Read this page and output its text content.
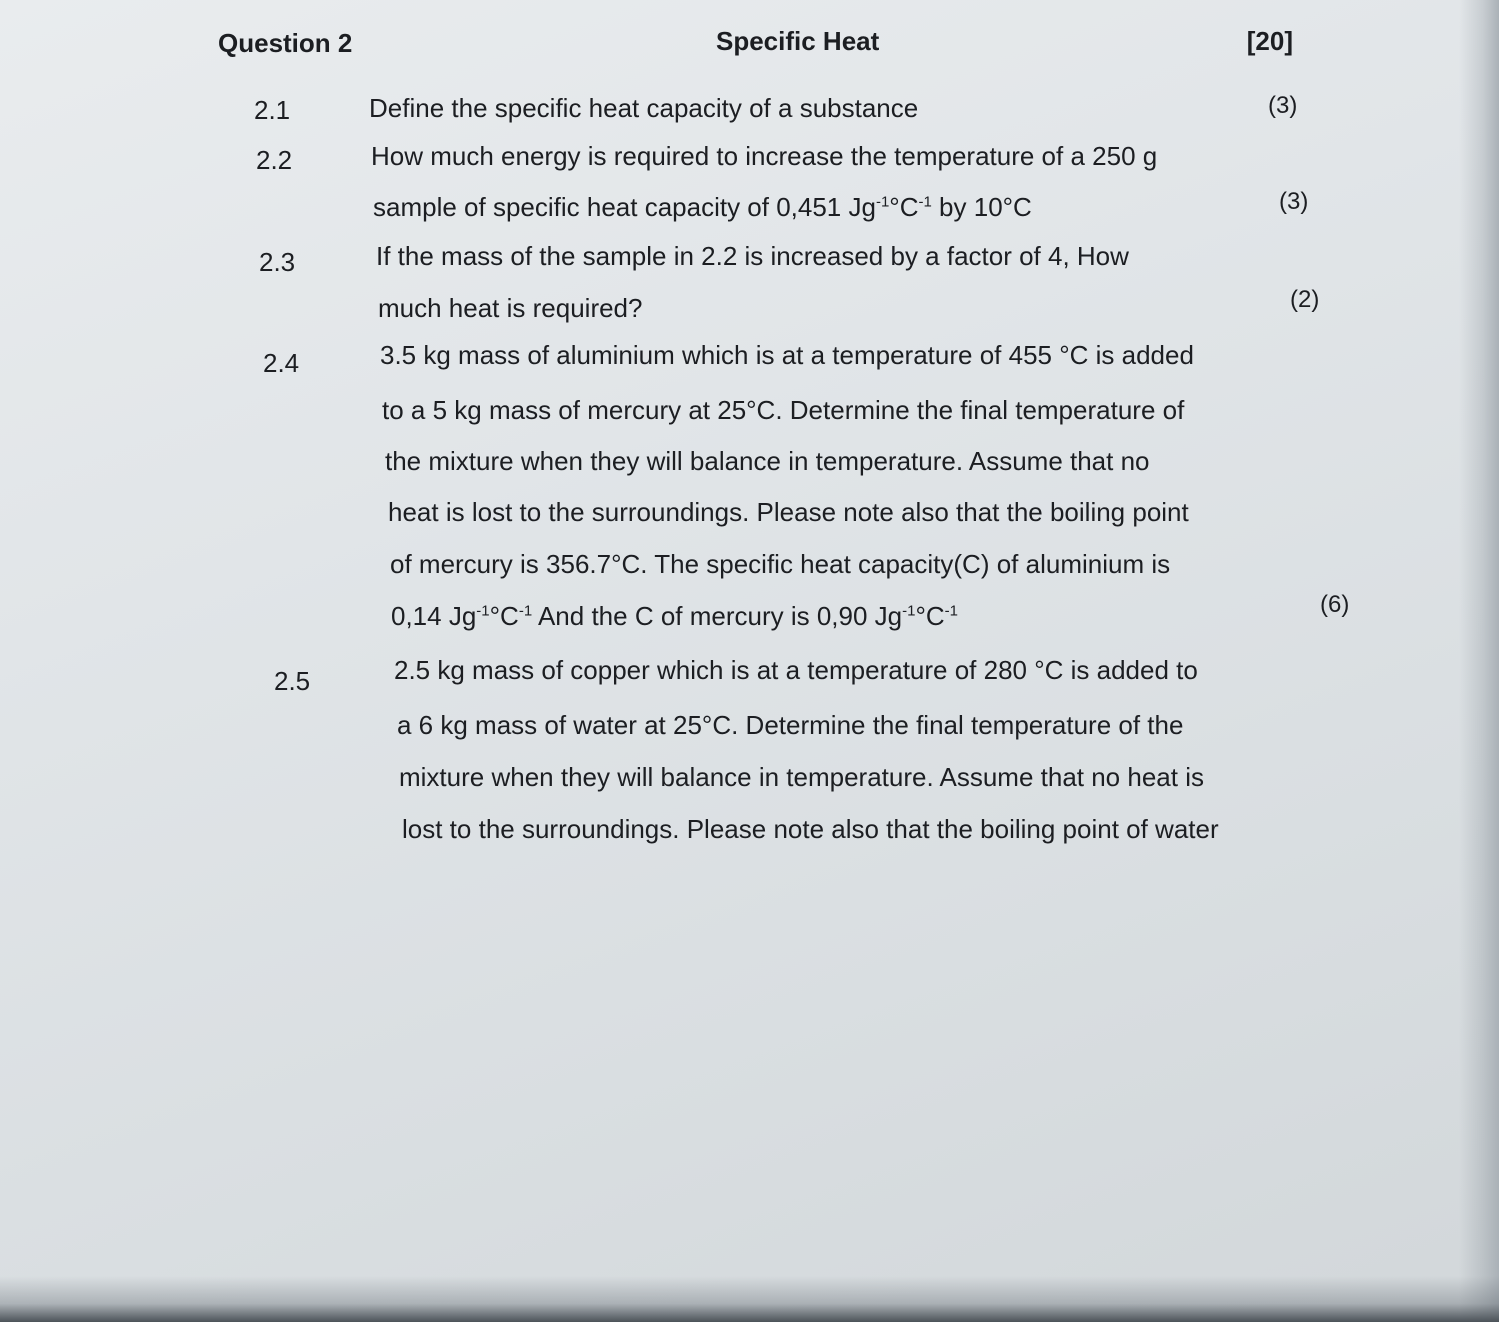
Question 2	Specific Heat	[20]
2.1	Define the specific heat capacity of a substance	(3)
2.2	How much energy is required to increase the temperature of a 250 g
sample of specific heat capacity of 0,451 $Jg^{-1}^\circ C^{-1}$ by 10°C	(3)
2.3	If the mass of the sample in 2.2 is increased by a factor of 4, How
much heat is required?	(2)
2.4	3.5 kg mass of aluminium which is at a temperature of 455 °C is added
to a 5 kg mass of mercury at 25°C. Determine the final temperature of
the mixture when they will balance in temperature. Assume that no
heat is lost to the surroundings. Please note also that the boiling point
of mercury is 356.7°C. The specific heat capacity(C) of aluminium is
0,14 $Jg^{-1}^\circ C^{-1}$ And the C of mercury is 0,90 $Jg^{-1}^\circ C^{-1}$	(6)
2.5	2.5 kg mass of copper which is at a temperature of 280 °C is added to
a 6 kg mass of water at 25°C. Determine the final temperature of the
mixture when they will balance in temperature. Assume that no heat is
lost to the surroundings. Please note also that the boiling point of water
